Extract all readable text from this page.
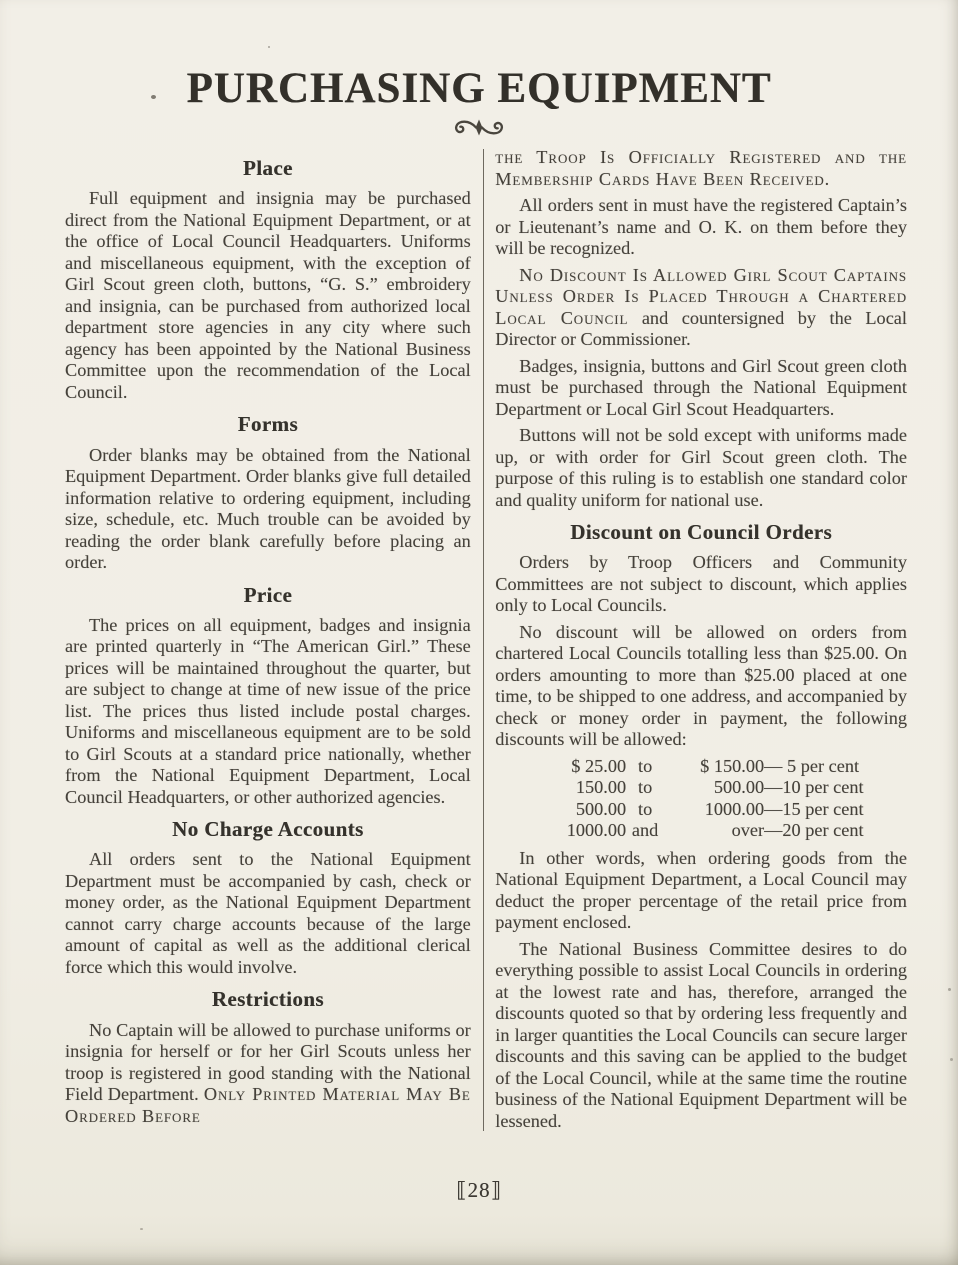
PURCHASING EQUIPMENT
Place

Full equipment and insignia may be purchased direct from the National Equipment Department, or at the office of Local Council Headquarters. Uniforms and miscellaneous equipment, with the exception of Girl Scout green cloth, buttons, “G. S.” embroidery and insignia, can be purchased from authorized local department store agencies in any city where such agency has been appointed by the National Business Committee upon the recommendation of the Local Council.

Forms

Order blanks may be obtained from the National Equipment Department. Order blanks give full detailed information relative to ordering equipment, including size, schedule, etc. Much trouble can be avoided by reading the order blank carefully before placing an order.

Price

The prices on all equipment, badges and insignia are printed quarterly in “The American Girl.” These prices will be maintained throughout the quarter, but are subject to change at time of new issue of the price list. The prices thus listed include postal charges. Uniforms and miscellaneous equipment are to be sold to Girl Scouts at a standard price nationally, whether from the National Equipment Department, Local Council Headquarters, or other authorized agencies.

No Charge Accounts

All orders sent to the National Equipment Department must be accompanied by cash, check or money order, as the National Equipment Department cannot carry charge accounts because of the large amount of capital as well as the additional clerical force which this would involve.

Restrictions

No Captain will be allowed to purchase uniforms or insignia for herself or for her Girl Scouts unless her troop is registered in good standing with the National Field Department. Only Printed Material May Be Ordered Before

the Troop Is Officially Registered and the Membership Cards Have Been Received.

All orders sent in must have the registered Captain’s or Lieutenant’s name and O. K. on them before they will be recognized.

No Discount Is Allowed Girl Scout Captains Unless Order Is Placed Through a Chartered Local Council and countersigned by the Local Director or Commissioner.

Badges, insignia, buttons and Girl Scout green cloth must be purchased through the National Equipment Department or Local Girl Scout Headquarters.

Buttons will not be sold except with uniforms made up, or with order for Girl Scout green cloth. The purpose of this ruling is to establish one standard color and quality uniform for national use.

Discount on Council Orders

Orders by Troop Officers and Community Committees are not subject to discount, which applies only to Local Councils.

No discount will be allowed on orders from chartered Local Councils totalling less than $25.00. On orders amounting to more than $25.00 placed at one time, to be shipped to one address, and accompanied by check or money order in payment, the following discounts will be allowed:

$ 25.00 to	$ 150.00 — 5 per cent
150.00 to	500.00 —10 per cent
500.00 to	1000.00 —15 per cent
1000.00 and	over —20 per cent

In other words, when ordering goods from the National Equipment Department, a Local Council may deduct the proper percentage of the retail price from payment enclosed.

The National Business Committee desires to do everything possible to assist Local Councils in ordering at the lowest rate and has, therefore, arranged the discounts quoted so that by ordering less frequently and in larger quantities the Local Councils can secure larger discounts and this saving can be applied to the budget of the Local Council, while at the same time the routine business of the National Equipment Department will be lessened.

⟦28⟧
